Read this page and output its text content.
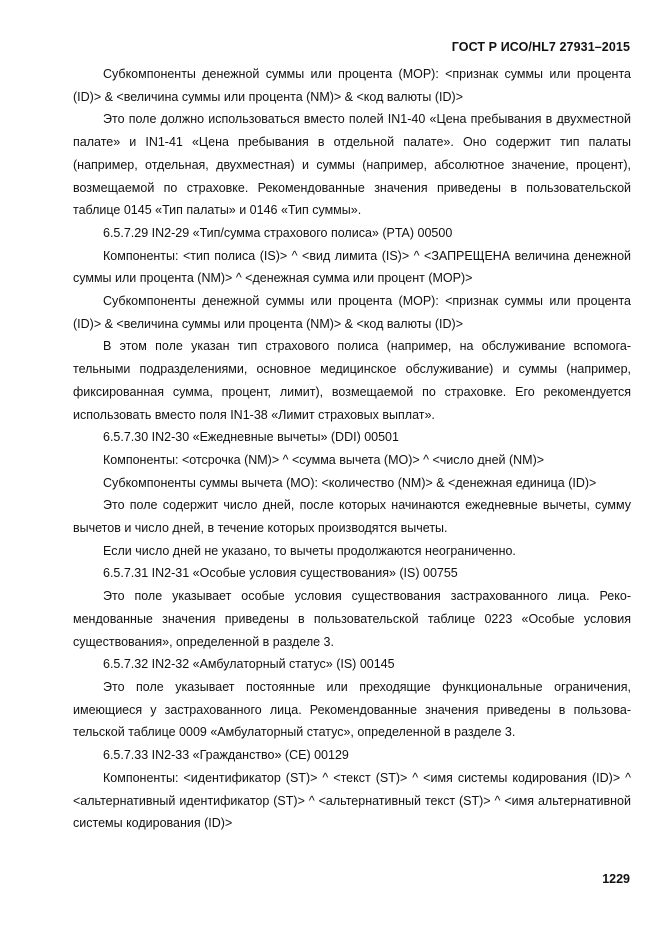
ГОСТ Р ИСО/HL7 27931–2015

Субкомпоненты денежной суммы или процента (MOP): <признак суммы или процента (ID)> & <величина суммы или процента (NM)> & <код валюты (ID)>

Это поле должно использоваться вместо полей IN1-40 «Цена пребывания в двухместной палате» и IN1-41 «Цена пребывания в отдельной палате». Оно содержит тип палаты (например, отдельная, двухместная) и суммы (например, абсолютное значение, процент), возмещаемой по страховке. Рекомендованные значения приведены в пользовательской таблице 0145 «Тип палаты» и 0146 «Тип суммы».

6.5.7.29 IN2-29 «Тип/сумма страхового полиса» (PTA) 00500

Компоненты: <тип полиса (IS)> ^ <вид лимита (IS)> ^ <ЗАПРЕЩЕНА величина денежной суммы или процента (NM)> ^ <денежная сумма или процент (MOP)>

Субкомпоненты денежной суммы или процента (MOP): <признак суммы или процента (ID)> & <величина суммы или процента (NM)> & <код валюты (ID)>

В этом поле указан тип страхового полиса (например, на обслуживание вспомогательными подразделениями, основное медицинское обслуживание) и суммы (например, фиксированная сумма, процент, лимит), возмещаемой по страховке. Его рекомендуется использовать вместо поля IN1-38 «Лимит страховых выплат».

6.5.7.30 IN2-30 «Ежедневные вычеты» (DDI) 00501

Компоненты: <отсрочка (NM)> ^ <сумма вычета (MO)> ^ <число дней (NM)>

Субкомпоненты суммы вычета (MO): <количество (NM)> & <денежная единица (ID)>

Это поле содержит число дней, после которых начинаются ежедневные вычеты, сумму вычетов и число дней, в течение которых производятся вычеты.

Если число дней не указано, то вычеты продолжаются неограниченно.

6.5.7.31 IN2-31 «Особые условия существования» (IS) 00755

Это поле указывает особые условия существования застрахованного лица. Рекомендованные значения приведены в пользовательской таблице 0223 «Особые условия существования», определенной в разделе 3.

6.5.7.32 IN2-32 «Амбулаторный статус» (IS) 00145

Это поле указывает постоянные или преходящие функциональные ограничения, имеющиеся у застрахованного лица. Рекомендованные значения приведены в пользовательской таблице 0009 «Амбулаторный статус», определенной в разделе 3.

6.5.7.33 IN2-33 «Гражданство» (CE) 00129

Компоненты: <идентификатор (ST)> ^ <текст (ST)> ^ <имя системы кодирования (ID)> ^ <альтернативный идентификатор (ST)> ^ <альтернативный текст (ST)> ^ <имя альтернативной системы кодирования (ID)>

1229
